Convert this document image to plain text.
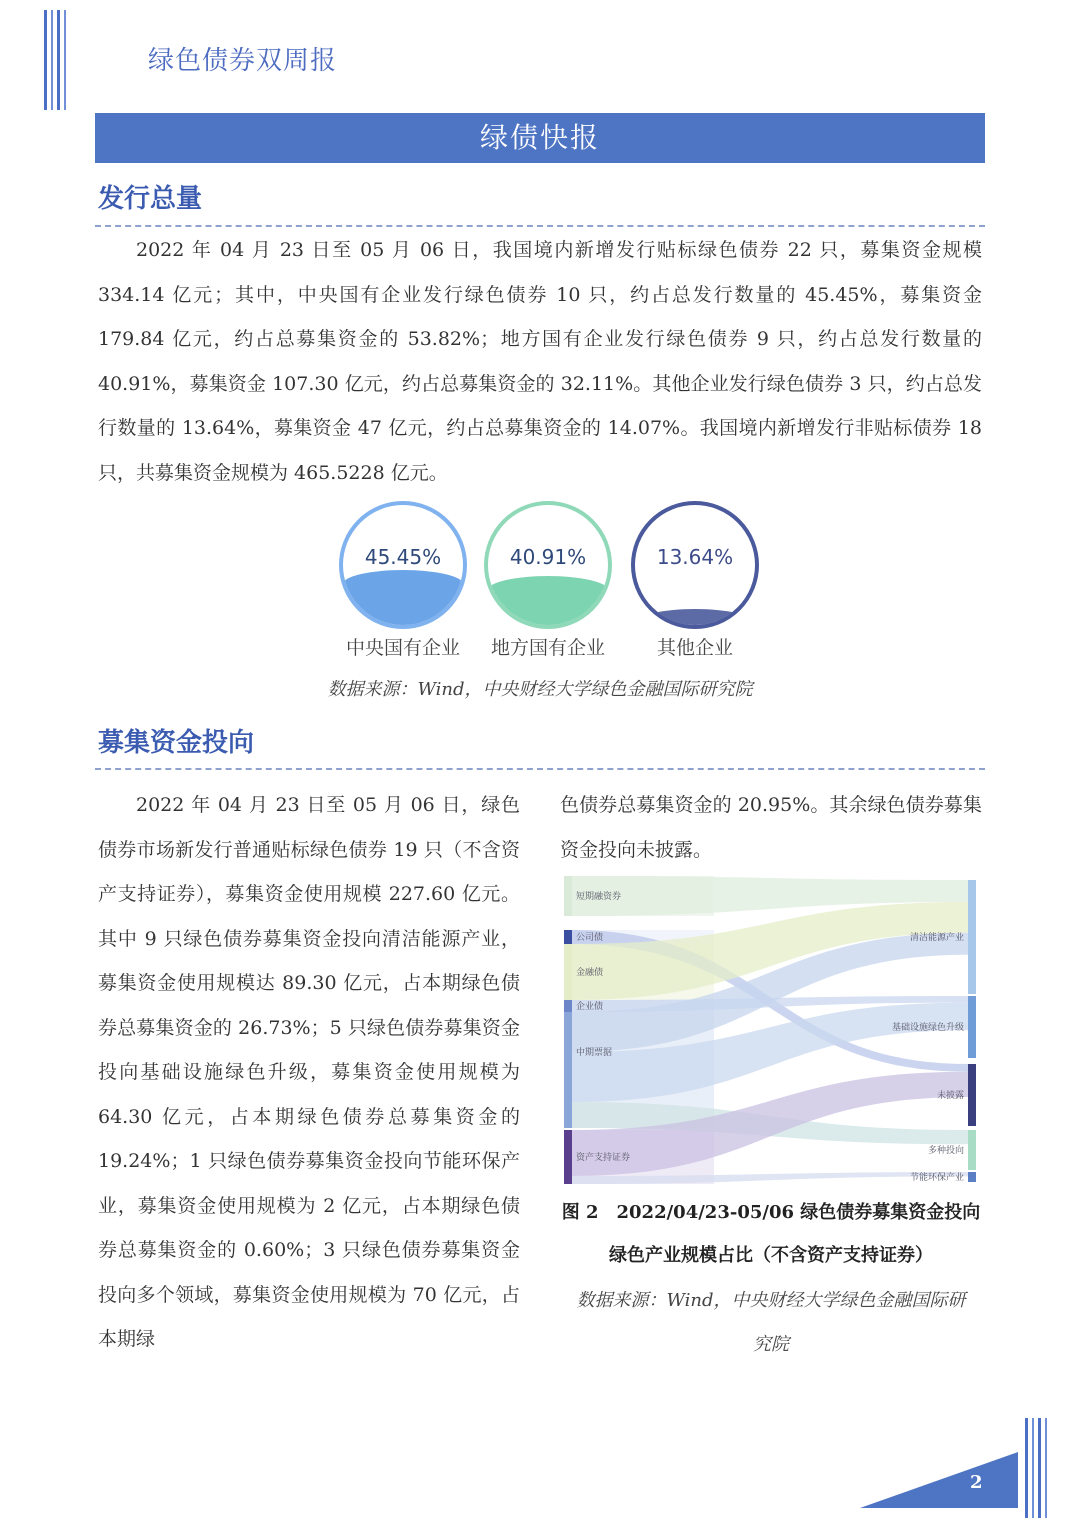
绿色债券双周报
绿债快报
发行总量

2022 年 04 月 23 日至 05 月 06 日，我国境内新增发行贴标绿色债券 22 只，募集资金规模 334.14 亿元；其中，中央国有企业发行绿色债券 10 只，约占总发行数量的 45.45%，募集资金 179.84 亿元，约占总募集资金的 53.82%；地方国有企业发行绿色债券 9 只，约占总发行数量的 40.91%，募集资金 107.30 亿元，约占总募集资金的 32.11%。其他企业发行绿色债券 3 只，约占总发行数量的 13.64%，募集资金 47 亿元，约占总募集资金的 14.07%。我国境内新增发行非贴标债券 18 只，共募集资金规模为 465.5228 亿元。

45.45%	40.91%	13.64%
中央国有企业	地方国有企业	其他企业
数据来源：Wind，中央财经大学绿色金融国际研究院
募集资金投向

2022 年 04 月 23 日至 05 月 06 日，绿色债券市场新发行普通贴标绿色债券 19 只（不含资产支持证券），募集资金使用规模 227.60 亿元。其中 9 只绿色债券募集资金投向清洁能源产业，募集资金使用规模达 89.30 亿元，占本期绿色债券总募集资金的 26.73%；5 只绿色债券募集资金投向基础设施绿色升级，募集资金使用规模为 64.30 亿元，占本期绿色债券总募集资金的 19.24%；1 只绿色债券募集资金投向节能环保产业，募集资金使用规模为 2 亿元，占本期绿色债券总募集资金的 0.60%；3 只绿色债券募集资金投向多个领域，募集资金使用规模为 70 亿元，占本期绿

色债券总募集资金的 20.95%。其余绿色债券募集资金投向未披露。

短期融资券
公司债
金融债
企业债
中期票据
资产支持证券
清洁能源产业
基础设施绿色升级
未披露
多种投向
节能环保产业
图 2　2022/04/23-05/06 绿色债券募集资金投向
绿色产业规模占比（不含资产支持证券）
数据来源：Wind，中央财经大学绿色金融国际研
究院
2
